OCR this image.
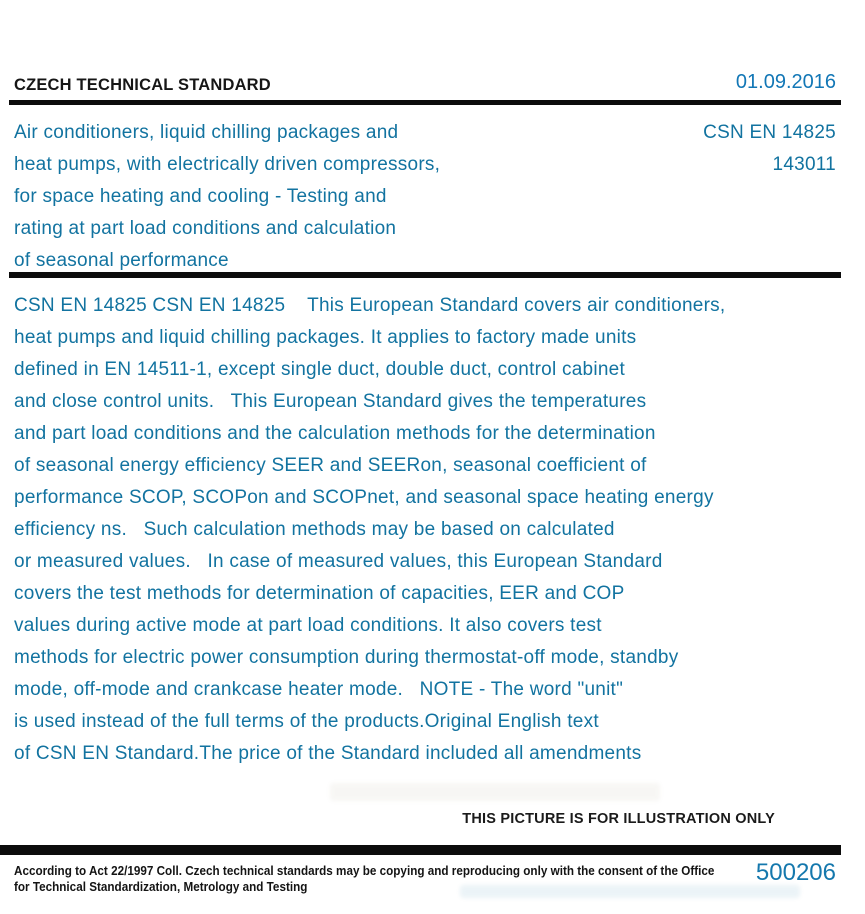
CZECH TECHNICAL STANDARD	01.09.2016
Air conditioners, liquid chilling packages and
heat pumps, with electrically driven compressors,
for space heating and cooling - Testing and
rating at part load conditions and calculation
of seasonal performance
CSN EN 14825
143011
CSN EN 14825 CSN EN 14825    This European Standard covers air conditioners,
heat pumps and liquid chilling packages. It applies to factory made units
defined in EN 14511-1, except single duct, double duct, control cabinet
and close control units.   This European Standard gives the temperatures
and part load conditions and the calculation methods for the determination
of seasonal energy efficiency SEER and SEERon, seasonal coefficient of
performance SCOP, SCOPon and SCOPnet, and seasonal space heating energy
efficiency ns.   Such calculation methods may be based on calculated
or measured values.   In case of measured values, this European Standard
covers the test methods for determination of capacities, EER and COP
values during active mode at part load conditions. It also covers test
methods for electric power consumption during thermostat-off mode, standby
mode, off-mode and crankcase heater mode.   NOTE - The word "unit"
is used instead of the full terms of the products.Original English text
of CSN EN Standard.The price of the Standard included all amendments
THIS PICTURE IS FOR ILLUSTRATION ONLY
According to Act 22/1997 Coll. Czech technical standards may be copying and reproducing only with the consent of the Office
for Technical Standardization, Metrology and Testing
500206
